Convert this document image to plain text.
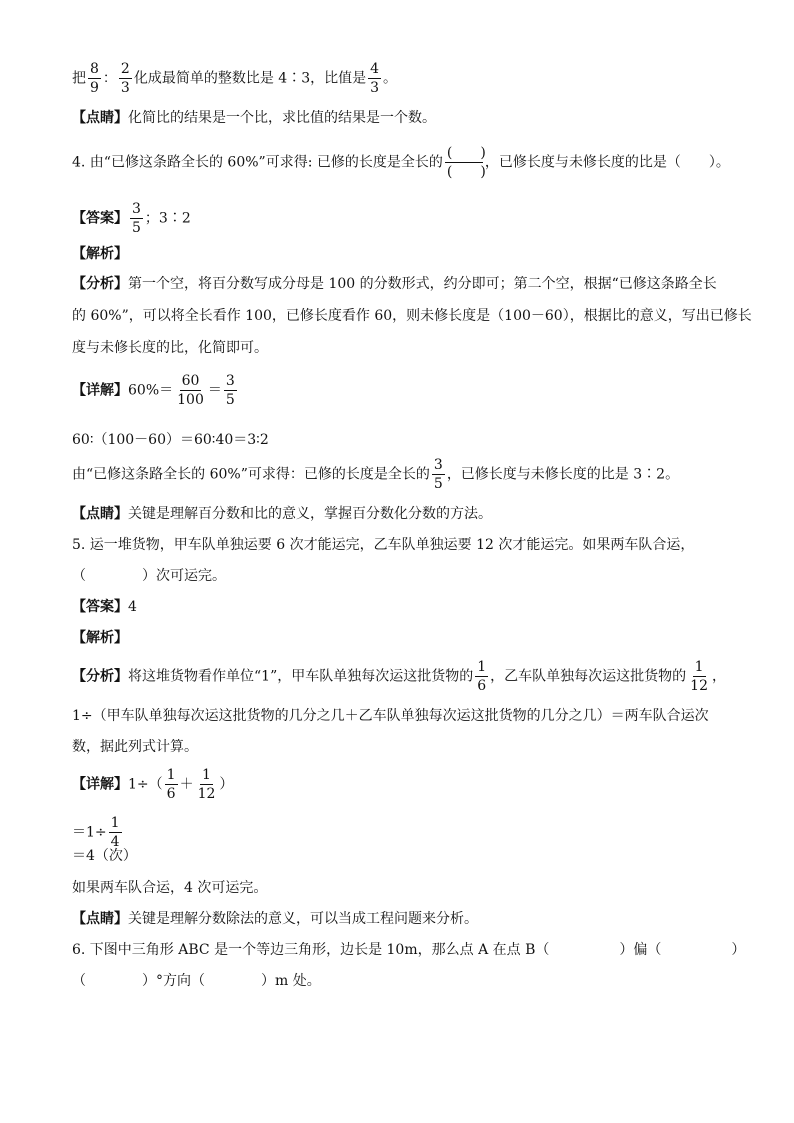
把 $\frac{8}{9}$ ： $\frac{2}{3}$ 化成最简单的整数比是 4∶3，比值是 $\frac{4}{3}$ 。
【点睛】化简比的结果是一个比，求比值的结果是一个数。
4. 由“已修这条路全长的 60%”可求得: 已修的长度是全长的 $\frac{( )}{( )}$ ，已修长度与未修长度的比是（　　）。
【答案】 $\frac{3}{5}$ ；3∶2
【解析】
【分析】第一个空，将百分数写成分母是 100 的分数形式，约分即可；第二个空，根据“已修这条路全长
的 60%”，可以将全长看作 100，已修长度看作 60，则未修长度是（100－60），根据比的意义，写出已修长
度与未修长度的比，化简即可。
【详解】$60\%= \frac{60}{100} = \frac{3}{5}$
60∶（100－60）＝60∶40＝3∶2
由“已修这条路全长的 60%”可求得：已修的长度是全长的 $\frac{3}{5}$ ，已修长度与未修长度的比是 3∶2。
【点睛】关键是理解百分数和比的意义，掌握百分数化分数的方法。
5. 运一堆货物，甲车队单独运要 6 次才能运完，乙车队单独运要 12 次才能运完。如果两车队合运，
（　　　　）次可运完。
【答案】4
【解析】
【分析】将这堆货物看作单位“1”，甲车队单独每次运这批货物的 $\frac{1}{6}$ ，乙车队单独每次运这批货物的 $\frac{1}{12}$ ，
1÷（甲车队单独每次运这批货物的几分之几＋乙车队单独每次运这批货物的几分之几）＝两车队合运次
数，据此列式计算。
【详解】$1\div( \frac{1}{6} + \frac{1}{12}$ ）
$=1\div \frac{1}{4}$
＝4（次）
如果两车队合运，4 次可运完。
【点睛】关键是理解分数除法的意义，可以当成工程问题来分析。
6. 下图中三角形 ABC 是一个等边三角形，边长是 10m，那么点 A 在点 B（　　　　　）偏（　　　　　）
（　　　　）°方向（　　　　）m 处。
